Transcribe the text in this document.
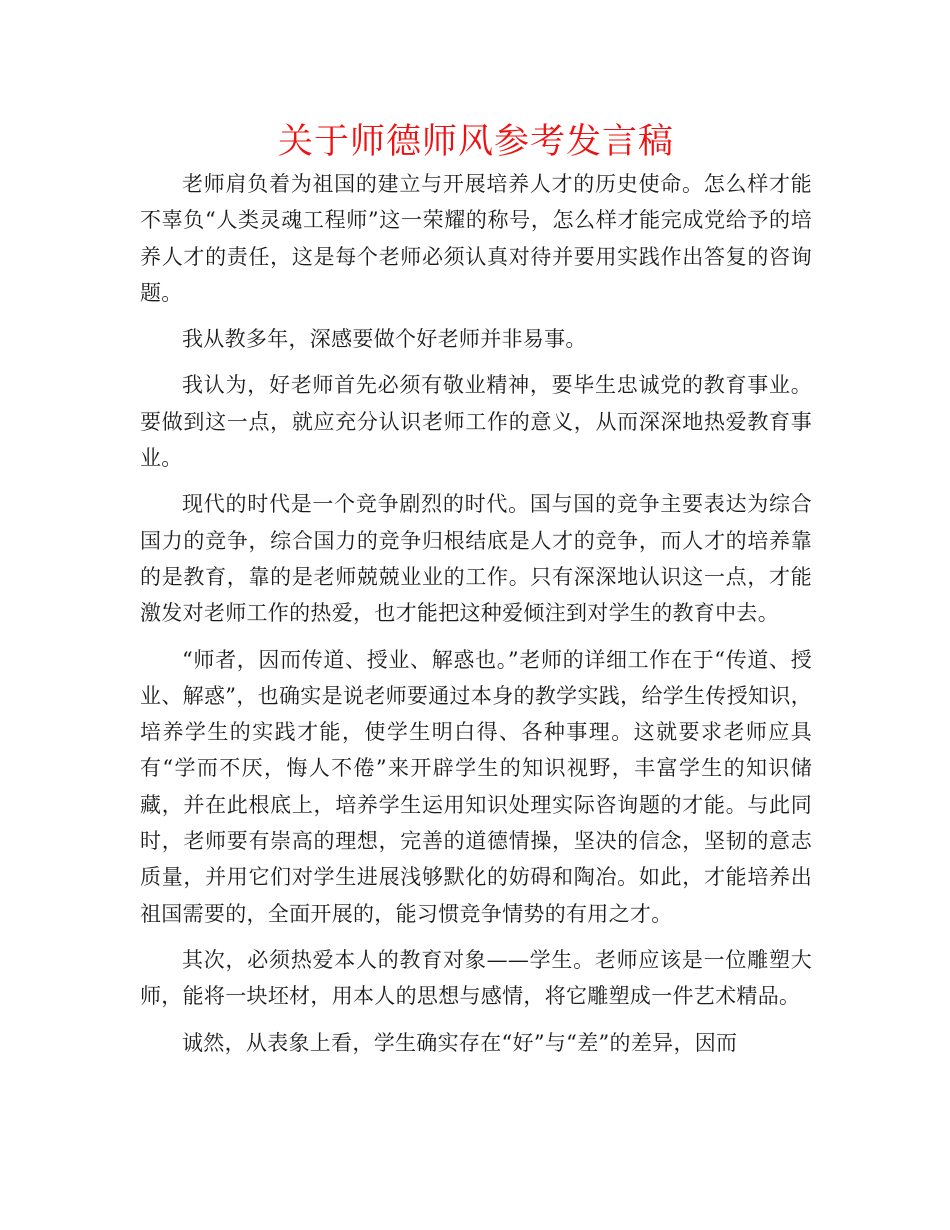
关于师德师风参考发言稿

老师肩负着为祖国的建立与开展培养人才的历史使命。怎么样才能不辜负“人类灵魂工程师”这一荣耀的称号，怎么样才能完成党给予的培养人才的责任，这是每个老师必须认真对待并要用实践作出答复的咨询题。

我从教多年，深感要做个好老师并非易事。

我认为，好老师首先必须有敬业精神，要毕生忠诚党的教育事业。要做到这一点，就应充分认识老师工作的意义，从而深深地热爱教育事业。

现代的时代是一个竞争剧烈的时代。国与国的竞争主要表达为综合国力的竞争，综合国力的竞争归根结底是人才的竞争，而人才的培养靠的是教育，靠的是老师兢兢业业的工作。只有深深地认识这一点，才能激发对老师工作的热爱，也才能把这种爱倾注到对学生的教育中去。

“师者，因而传道、授业、解惑也。”老师的详细工作在于“传道、授业、解惑”，也确实是说老师要通过本身的教学实践，给学生传授知识，培养学生的实践才能，使学生明白得、各种事理。这就要求老师应具有“学而不厌，悔人不倦”来开辟学生的知识视野，丰富学生的知识储藏，并在此根底上，培养学生运用知识处理实际咨询题的才能。与此同时，老师要有崇高的理想，完善的道德情操，坚决的信念，坚韧的意志质量，并用它们对学生进展浅够默化的妨碍和陶冶。如此，才能培养出祖国需要的，全面开展的，能习惯竞争情势的有用之才。

其次，必须热爱本人的教育对象——学生。老师应该是一位雕塑大师，能将一块坯材，用本人的思想与感情，将它雕塑成一件艺术精品。

诚然，从表象上看，学生确实存在“好”与“差”的差异，因而
